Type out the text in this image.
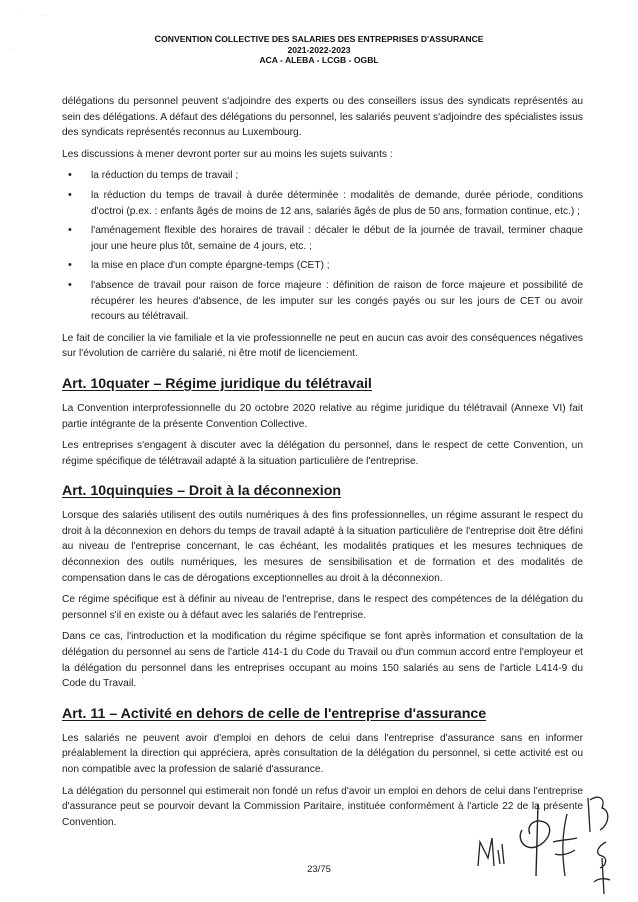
·	·
·
CONVENTION COLLECTIVE DES SALARIES DES ENTREPRISES D'ASSURANCE
2021-2022-2023
ACA - ALEBA - LCGB - OGBL

délégations du personnel peuvent s'adjoindre des experts ou des conseillers issus des syndicats représentés au sein des délégations. A défaut des délégations du personnel, les salariés peuvent s'adjoindre des spécialistes issus des syndicats représentés reconnus au Luxembourg.

Les discussions à mener devront porter sur au moins les sujets suivants :

• la réduction du temps de travail ;
• la réduction du temps de travail à durée déterminée : modalités de demande, durée période, conditions d'octroi (p.ex. : enfants âgés de moins de 12 ans, salariés âgés de plus de 50 ans, formation continue, etc.) ;
• l'aménagement flexible des horaires de travail : décaler le début de la journée de travail, terminer chaque jour une heure plus tôt, semaine de 4 jours, etc. ;
• la mise en place d'un compte épargne-temps (CET) ;
• l'absence de travail pour raison de force majeure : définition de raison de force majeure et possibilité de récupérer les heures d'absence, de les imputer sur les congés payés ou sur les jours de CET ou avoir recours au télétravail.

Le fait de concilier la vie familiale et la vie professionnelle ne peut en aucun cas avoir des conséquences négatives sur l'évolution de carrière du salarié, ni être motif de licenciement.

Art. 10quater – Régime juridique du télétravail

La Convention interprofessionnelle du 20 octobre 2020 relative au régime juridique du télétravail (Annexe VI) fait partie intégrante de la présente Convention Collective.

Les entreprises s'engagent à discuter avec la délégation du personnel, dans le respect de cette Convention, un régime spécifique de télétravail adapté à la situation particulière de l'entreprise.

Art. 10quinquies – Droit à la déconnexion

Lorsque des salariés utilisent des outils numériques à des fins professionnelles, un régime assurant le respect du droit à la déconnexion en dehors du temps de travail adapté à la situation particulière de l'entreprise doit être défini au niveau de l'entreprise concernant, le cas échéant, les modalités pratiques et les mesures techniques de déconnexion des outils numériques, les mesures de sensibilisation et de formation et des modalités de compensation dans le cas de dérogations exceptionnelles au droit à la déconnexion.

Ce régime spécifique est à définir au niveau de l'entreprise, dans le respect des compétences de la délégation du personnel s'il en existe ou à défaut avec les salariés de l'entreprise.

Dans ce cas, l'introduction et la modification du régime spécifique se font après information et consultation de la délégation du personnel au sens de l'article 414-1 du Code du Travail ou d'un commun accord entre l'employeur et la délégation du personnel dans les entreprises occupant au moins 150 salariés au sens de l'article L414-9 du Code du Travail.

Art. 11 – Activité en dehors de celle de l'entreprise d'assurance

Les salariés ne peuvent avoir d'emploi en dehors de celui dans l'entreprise d'assurance sans en informer préalablement la direction qui appréciera, après consultation de la délégation du personnel, si cette activité est ou non compatible avec la profession de salarié d'assurance.

La délégation du personnel qui estimerait non fondé un refus d'avoir un emploi en dehors de celui dans l'entreprise d'assurance peut se pourvoir devant la Commission Paritaire, instituée conformément à l'article 22 de la présente Convention.

23/75
